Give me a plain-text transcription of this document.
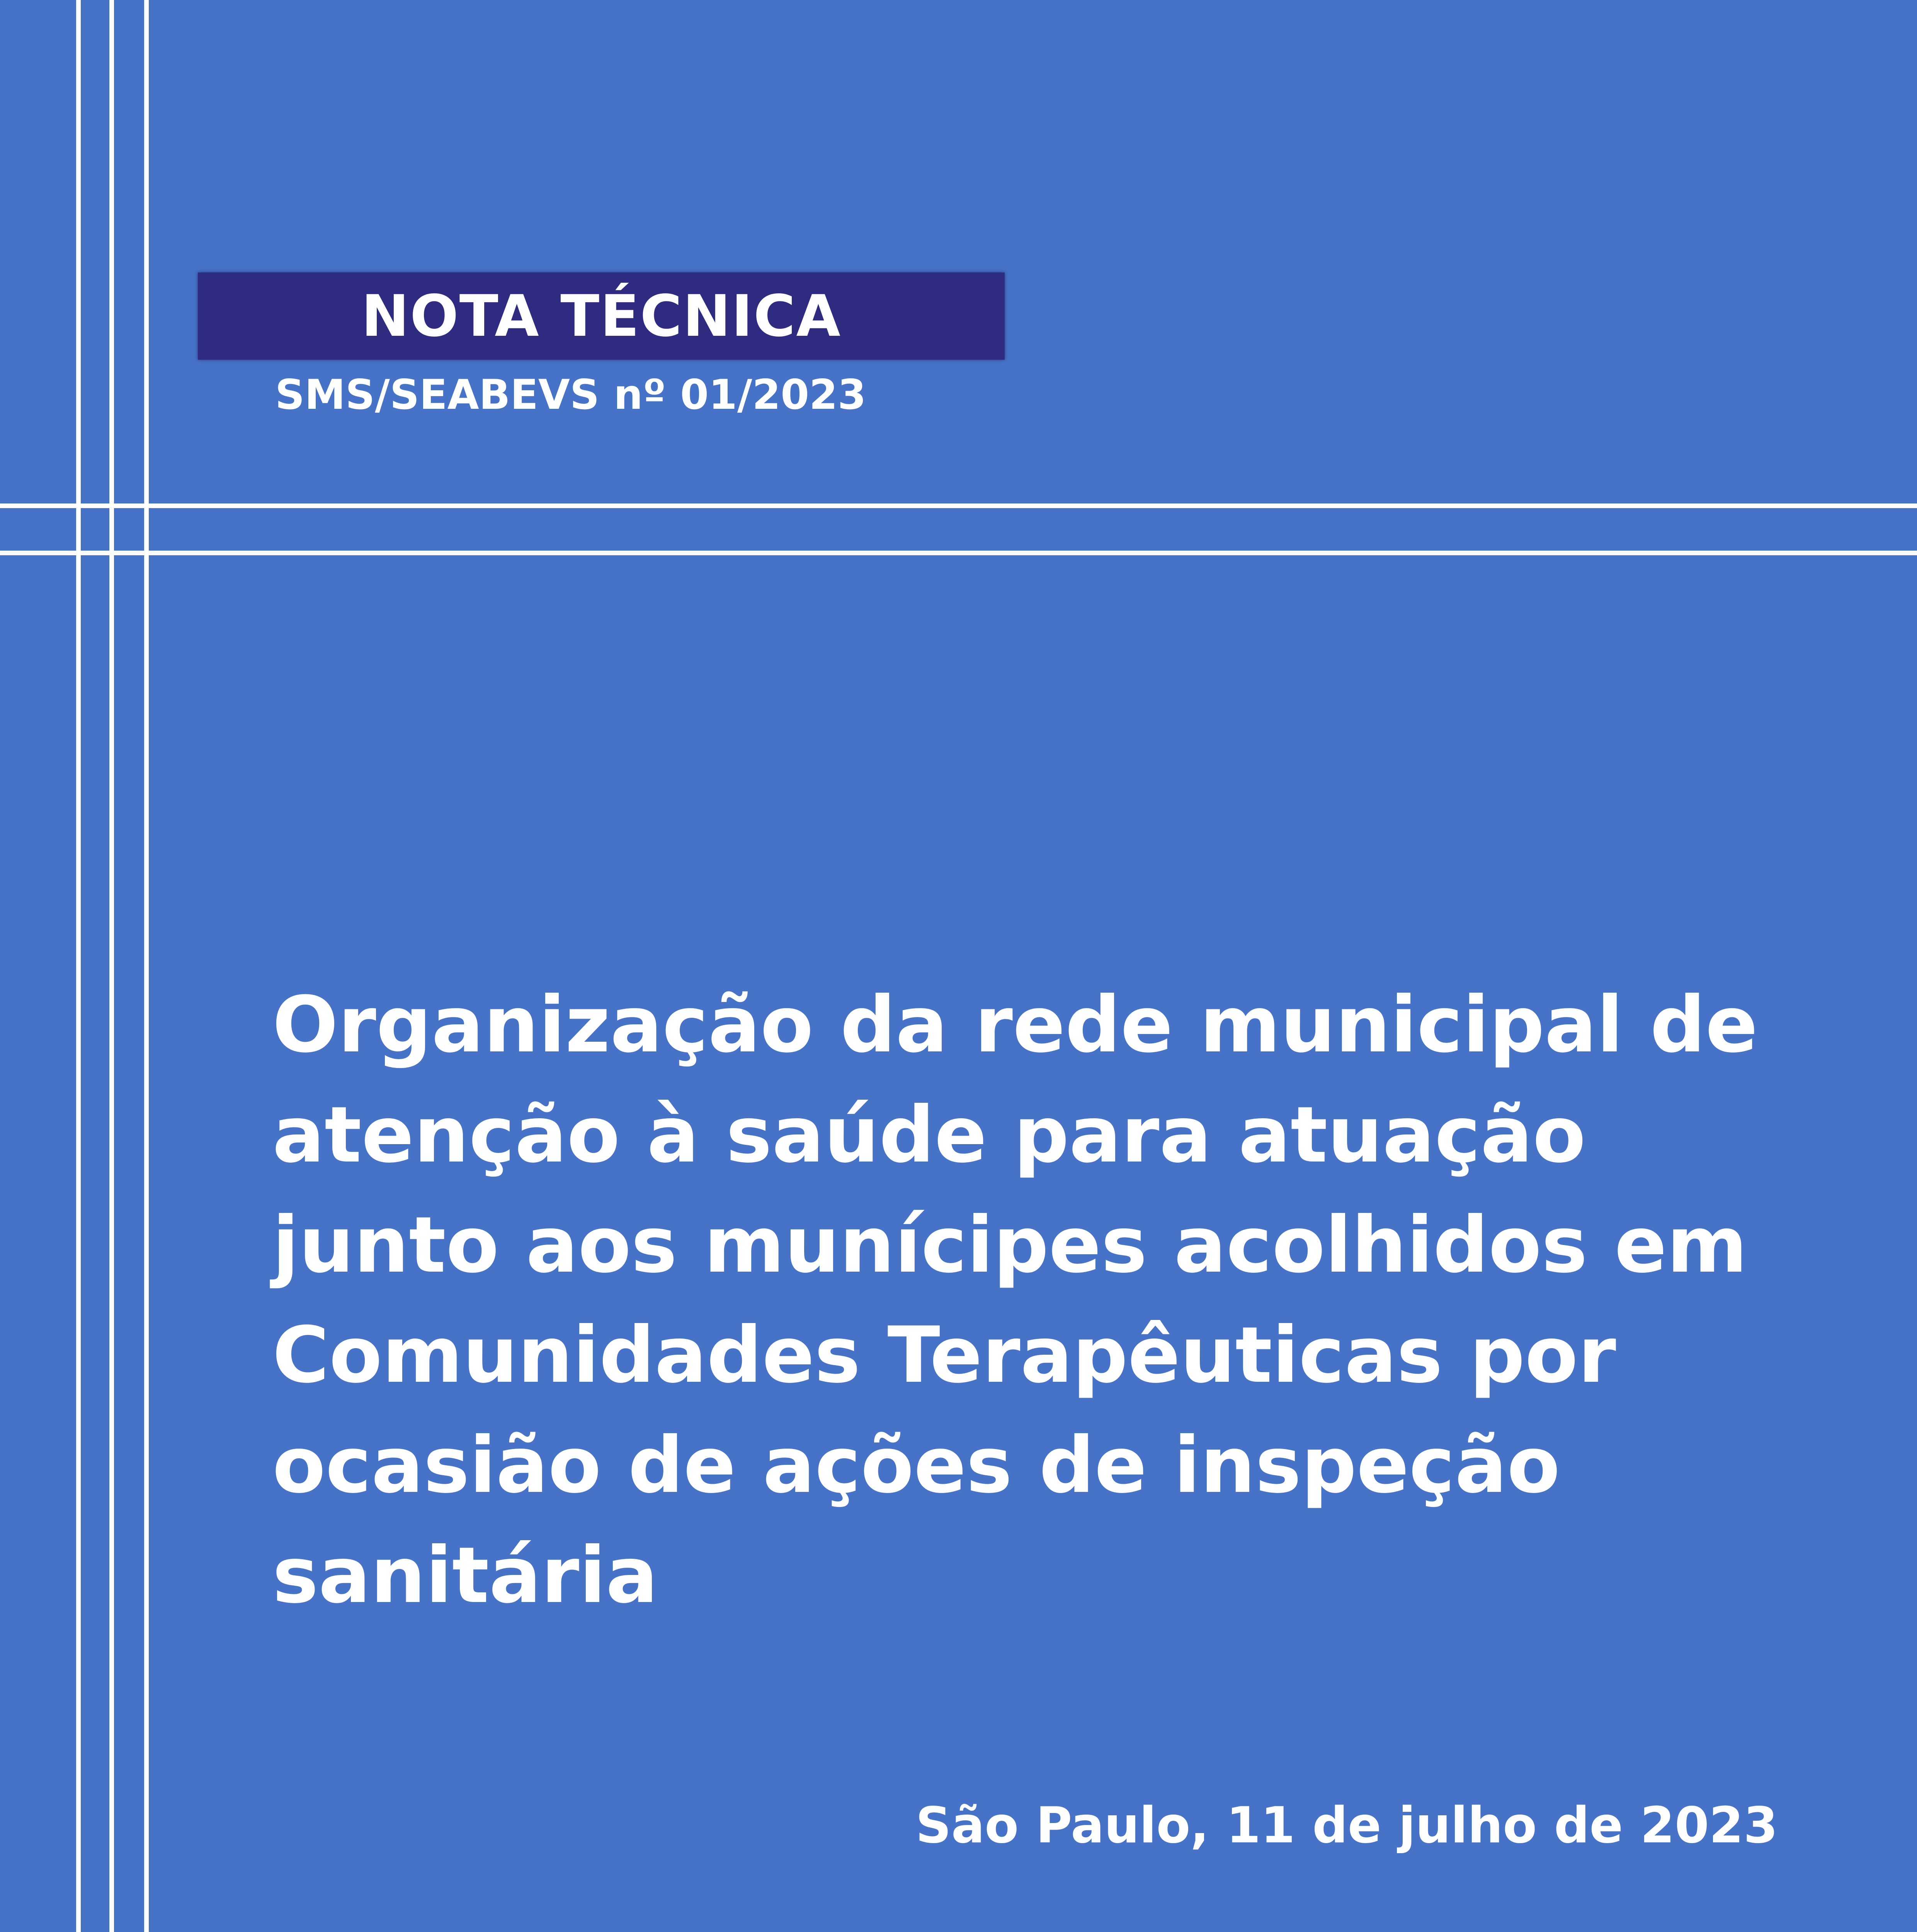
NOTA TÉCNICA
SMS/SEABEVS nº 01/2023
Organização da rede municipal de
atenção à saúde para atuação
junto aos munícipes acolhidos em
Comunidades Terapêuticas por
ocasião de ações de inspeção
sanitária
São Paulo, 11 de julho de 2023
